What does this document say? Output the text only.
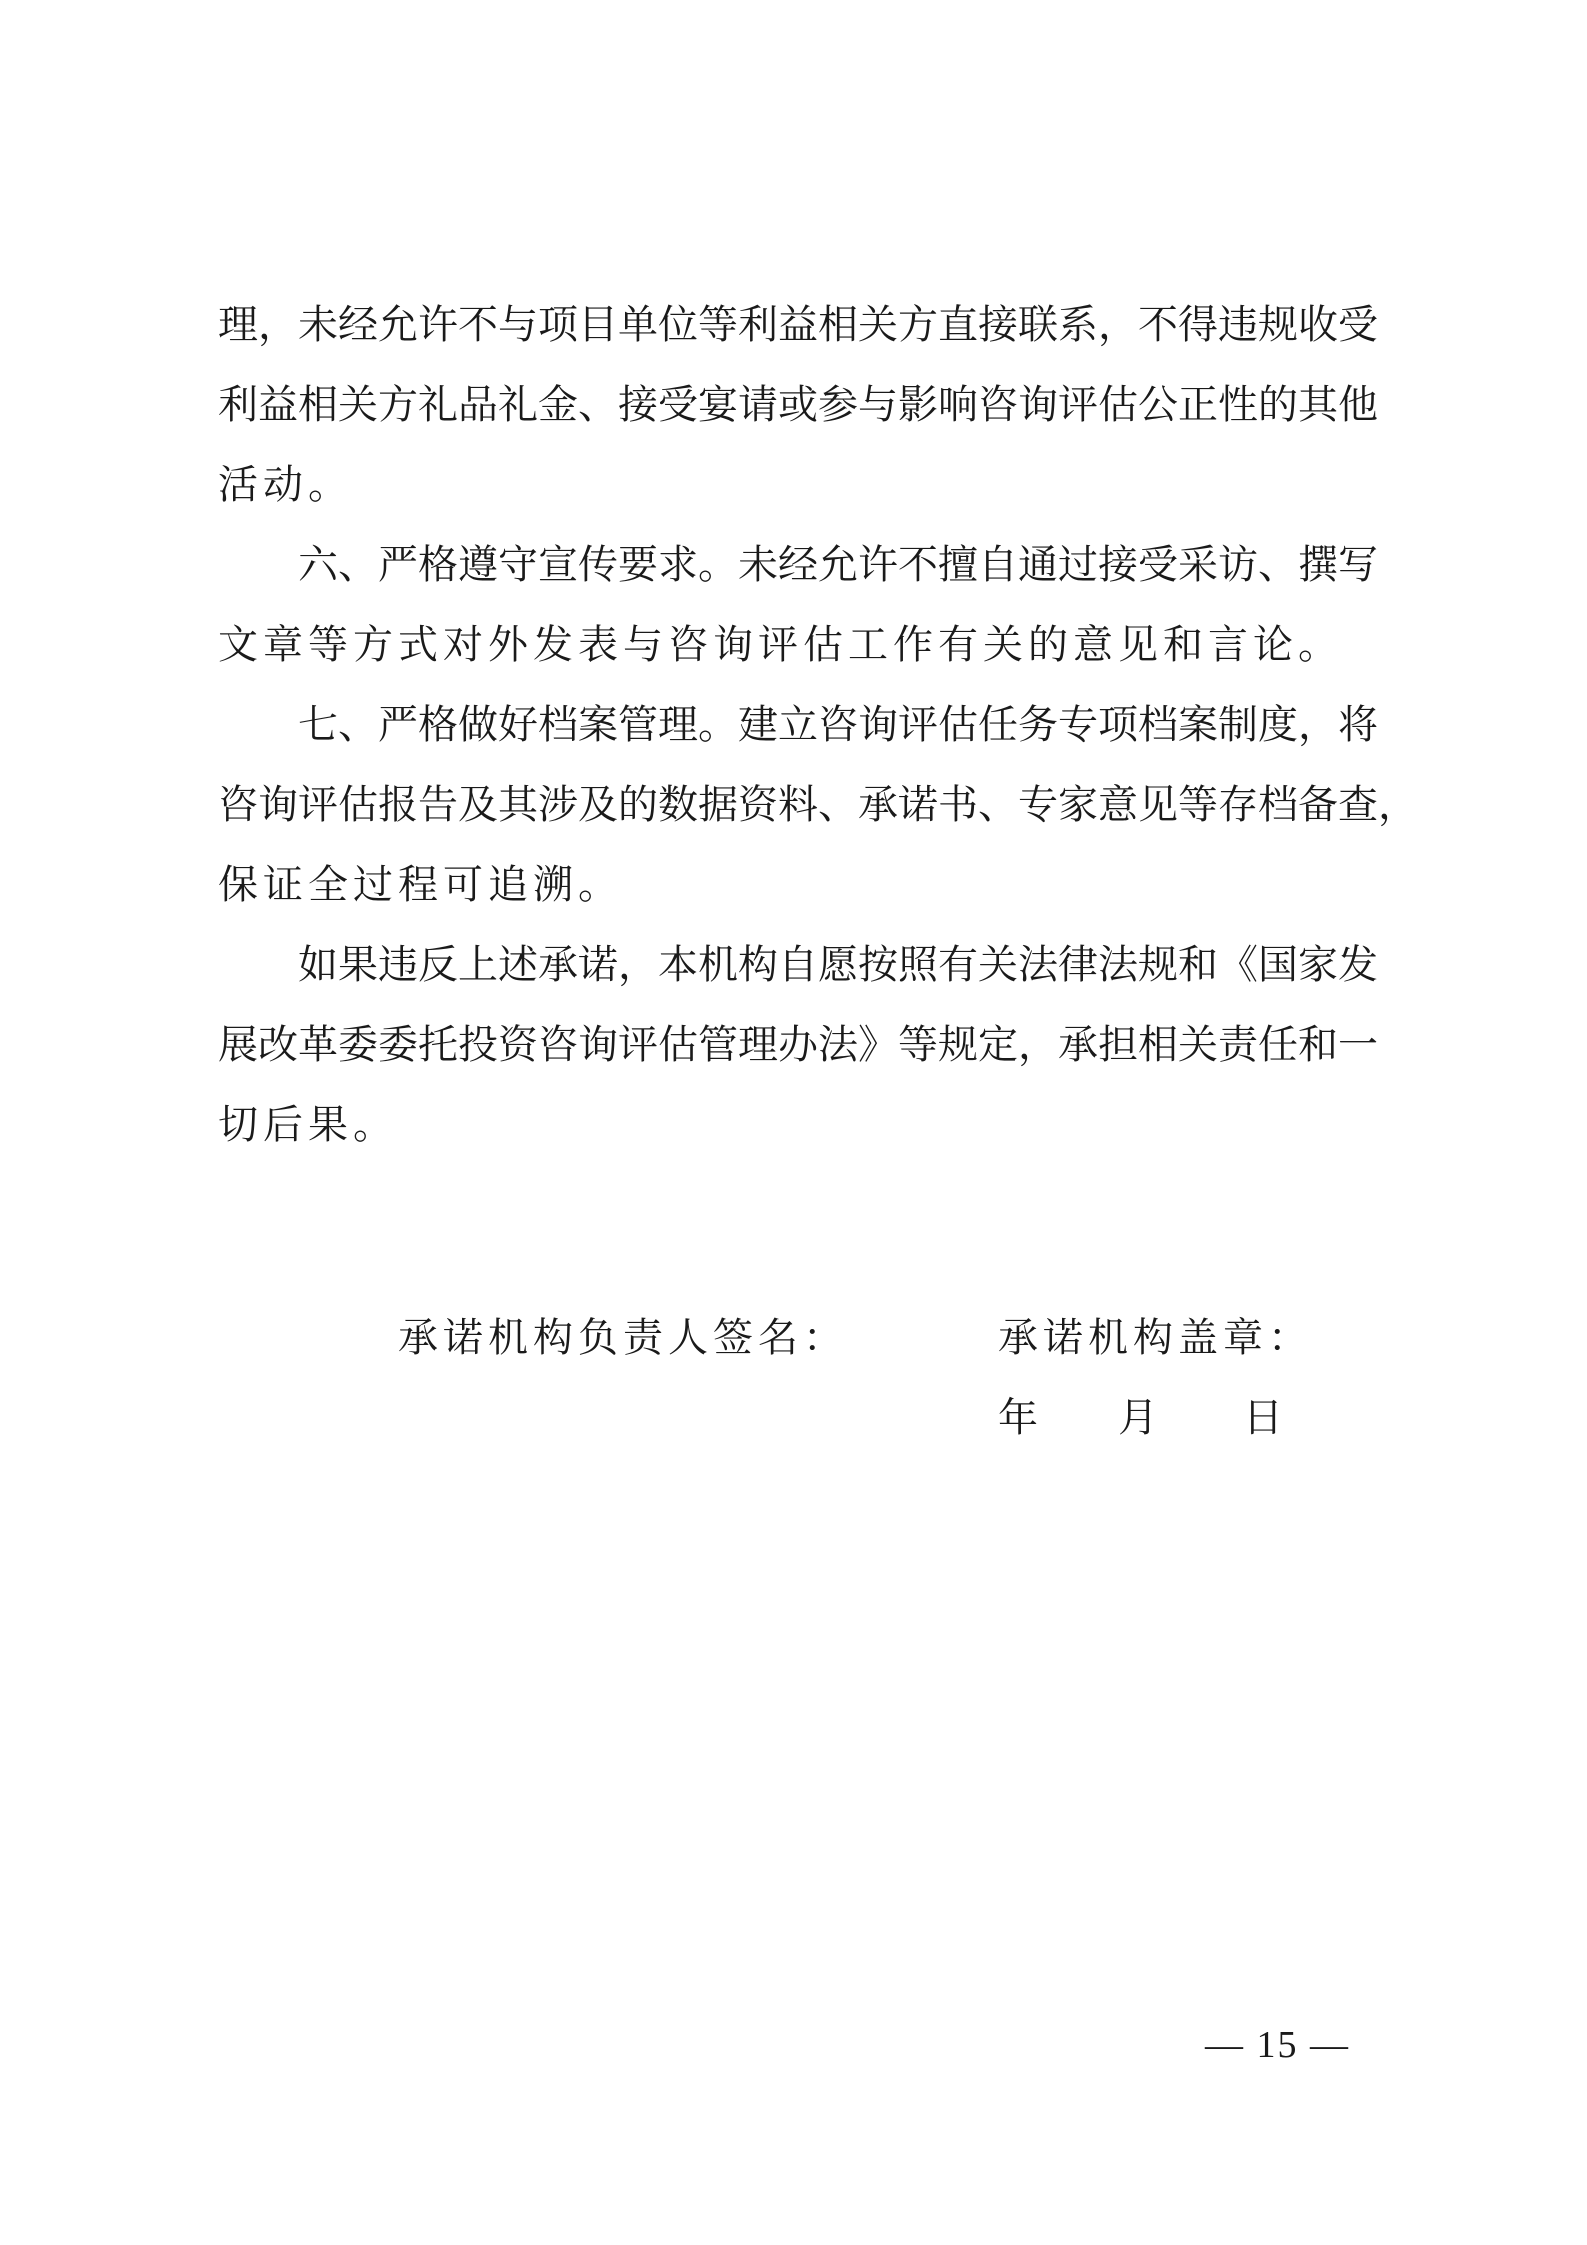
理，未经允许不与项目单位等利益相关方直接联系，不得违规收受
利益相关方礼品礼金、接受宴请或参与影响咨询评估公正性的其他
活动。
六、严格遵守宣传要求。未经允许不擅自通过接受采访、撰写
文章等方式对外发表与咨询评估工作有关的意见和言论。
七、严格做好档案管理。建立咨询评估任务专项档案制度，将
咨询评估报告及其涉及的数据资料、承诺书、专家意见等存档备查，
保证全过程可追溯。
如果违反上述承诺，本机构自愿按照有关法律法规和《国家发
展改革委委托投资咨询评估管理办法》等规定，承担相关责任和一
切后果。
承诺机构负责人签名：	承诺机构盖章：
年 月 日
— 15 —
